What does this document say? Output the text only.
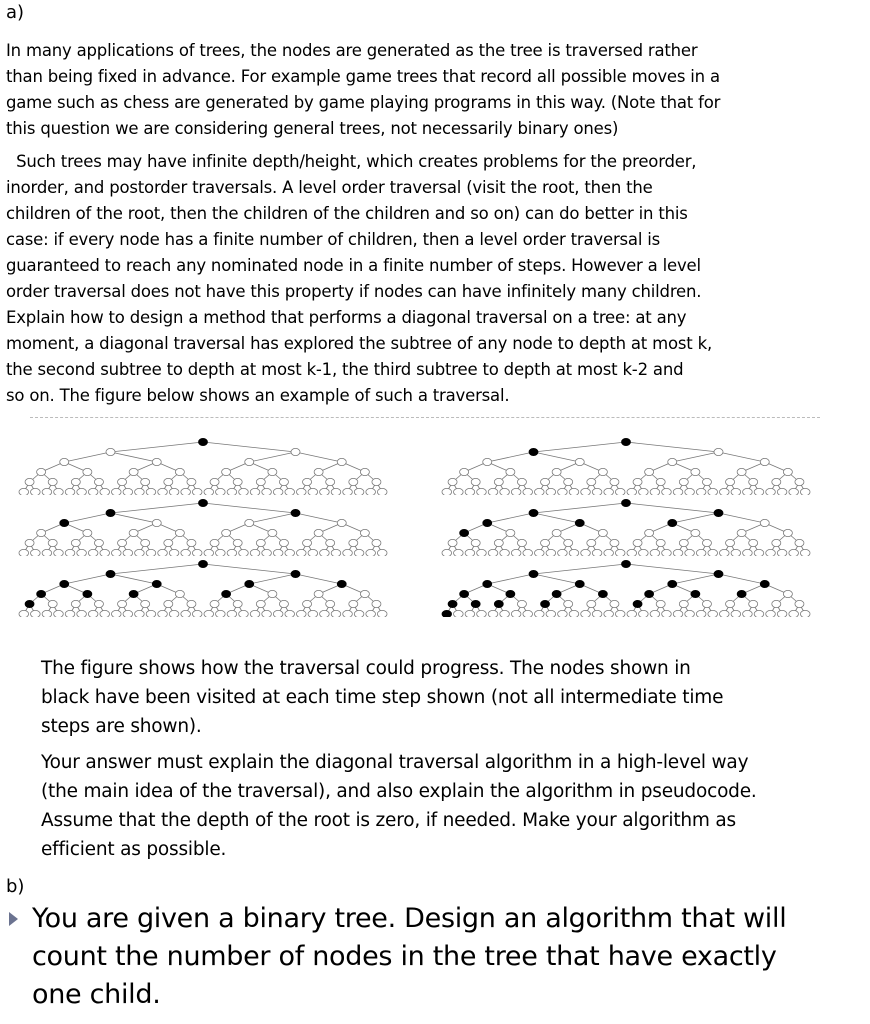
a)
In many applications of trees, the nodes are generated as the tree is traversed rather
than being fixed in advance. For example game trees that record all possible moves in a
game such as chess are generated by game playing programs in this way. (Note that for
this question we are considering general trees, not necessarily binary ones)
Such trees may have infinite depth/height, which creates problems for the preorder,
inorder, and postorder traversals. A level order traversal (visit the root, then the
children of the root, then the children of the children and so on) can do better in this
case: if every node has a finite number of children, then a level order traversal is
guaranteed to reach any nominated node in a finite number of steps. However a level
order traversal does not have this property if nodes can have infinitely many children.
Explain how to design a method that performs a diagonal traversal on a tree: at any
moment, a diagonal traversal has explored the subtree of any node to depth at most k,
the second subtree to depth at most k-1, the third subtree to depth at most k-2 and
so on. The figure below shows an example of such a traversal.
The figure shows how the traversal could progress. The nodes shown in
black have been visited at each time step shown (not all intermediate time
steps are shown).
Your answer must explain the diagonal traversal algorithm in a high-level way
(the main idea of the traversal), and also explain the algorithm in pseudocode.
Assume that the depth of the root is zero, if needed. Make your algorithm as
efficient as possible.
b)
You are given a binary tree. Design an algorithm that will
count the number of nodes in the tree that have exactly
one child.
